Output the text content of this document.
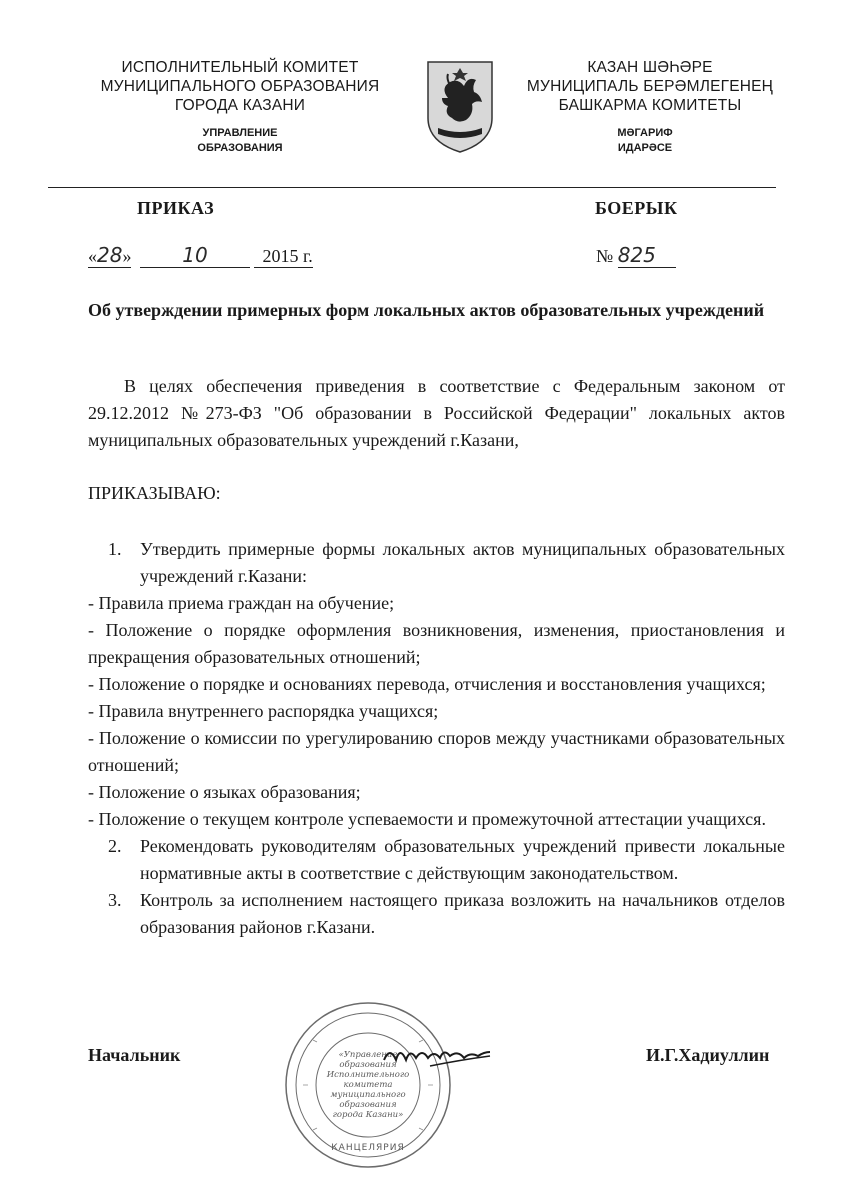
ИСПОЛНИТЕЛЬНЫЙ КОМИТЕТ
МУНИЦИПАЛЬНОГО ОБРАЗОВАНИЯ
ГОРОДА КАЗАНИ
УПРАВЛЕНИЕ
ОБРАЗОВАНИЯ
КАЗАН ШӘҺӘРЕ
МУНИЦИПАЛЬ БЕРӘМЛЕГЕНЕҢ
БАШКАРМА КОМИТЕТЫ
МӘГАРИФ
ИДАРӘСЕ
ПРИКАЗ	БОЕРЫК
«28»	10	2015 г.	№ 825
Об утверждении примерных форм локальных актов образовательных учреждений
В целях обеспечения приведения в соответствие с Федеральным законом от 29.12.2012 №273-ФЗ "Об образовании в Российской Федерации" локальных актов муниципальных образовательных учреждений г.Казани,
ПРИКАЗЫВАЮ:
1. Утвердить примерные формы локальных актов муниципальных образовательных учреждений г.Казани:
- Правила приема граждан на обучение;
- Положение о порядке оформления возникновения, изменения, приостановления и прекращения образовательных отношений;
- Положение о порядке и основаниях перевода, отчисления и восстановления учащихся;
- Правила внутреннего распорядка учащихся;
- Положение о комиссии по урегулированию споров между участниками образовательных отношений;
- Положение о языках образования;
- Положение о текущем контроле успеваемости и промежуточной аттестации учащихся.
2. Рекомендовать руководителям образовательных учреждений привести локальные нормативные акты в соответствие с действующим законодательством.
3. Контроль за исполнением настоящего приказа возложить на начальников отделов образования районов г.Казани.
«Управление
образования
Исполнительного
комитета
муниципального
образования
города Казани»
КАНЦЕЛЯРИЯ
Начальник	И.Г.Хадиуллин
